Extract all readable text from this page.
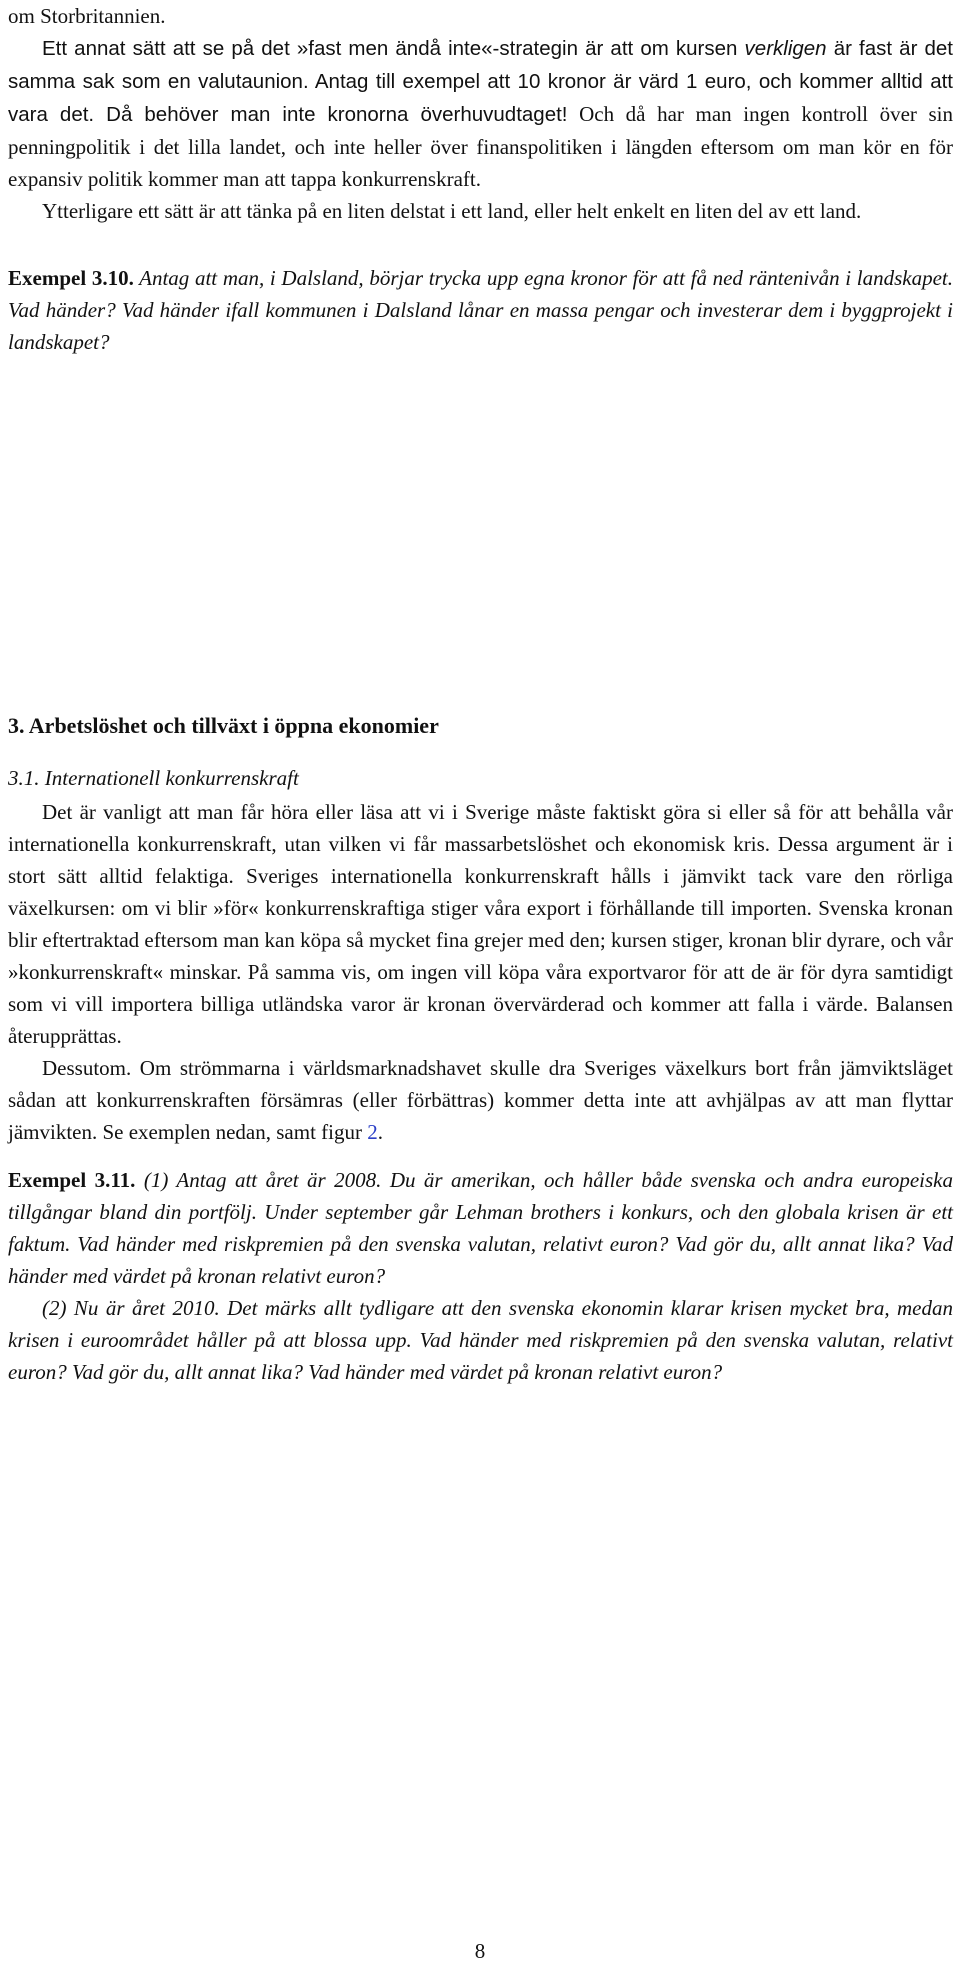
om Storbritannien.

Ett annat sätt att se på det »fast men ändå inte«-strategin är att om kursen verkligen är fast är det samma sak som en valutaunion. Antag till exempel att 10 kronor är värd 1 euro, och kommer alltid att vara det. Då behöver man inte kronorna överhuvudtaget! Och då har man ingen kontroll över sin penningpolitik i det lilla landet, och inte heller över finanspolitiken i längden eftersom om man kör en för expansiv politik kommer man att tappa konkurrenskraft.

Ytterligare ett sätt är att tänka på en liten delstat i ett land, eller helt enkelt en liten del av ett land.

Exempel 3.10. Antag att man, i Dalsland, börjar trycka upp egna kronor för att få ned räntenivån i landskapet. Vad händer? Vad händer ifall kommunen i Dalsland lånar en massa pengar och investerar dem i byggprojekt i landskapet?

3. Arbetslöshet och tillväxt i öppna ekonomier
3.1. Internationell konkurrenskraft

Det är vanligt att man får höra eller läsa att vi i Sverige måste faktiskt göra si eller så för att behålla vår internationella konkurrenskraft, utan vilken vi får massarbetslöshet och ekonomisk kris. Dessa argument är i stort sätt alltid felaktiga. Sveriges internationella konkurrenskraft hålls i jämvikt tack vare den rörliga växelkursen: om vi blir »för« konkurrenskraftiga stiger våra export i förhållande till importen. Svenska kronan blir eftertraktad eftersom man kan köpa så mycket fina grejer med den; kursen stiger, kronan blir dyrare, och vår »konkurrenskraft« minskar. På samma vis, om ingen vill köpa våra exportvaror för att de är för dyra samtidigt som vi vill importera billiga utländska varor är kronan övervärderad och kommer att falla i värde. Balansen återupprättas.

Dessutom. Om strömmarna i världsmarknadshavet skulle dra Sveriges växelkurs bort från jämviktsläget sådan att konkurrenskraften försämras (eller förbättras) kommer detta inte att avhjälpas av att man flyttar jämvikten. Se exemplen nedan, samt figur 2.

Exempel 3.11. (1) Antag att året är 2008. Du är amerikan, och håller både svenska och andra europeiska tillgångar bland din portfölj. Under september går Lehman brothers i konkurs, och den globala krisen är ett faktum. Vad händer med riskpremien på den svenska valutan, relativt euron? Vad gör du, allt annat lika? Vad händer med värdet på kronan relativt euron?

(2) Nu är året 2010. Det märks allt tydligare att den svenska ekonomin klarar krisen mycket bra, medan krisen i euroområdet håller på att blossa upp. Vad händer med riskpremien på den svenska valutan, relativt euron? Vad gör du, allt annat lika? Vad händer med värdet på kronan relativt euron?

8
